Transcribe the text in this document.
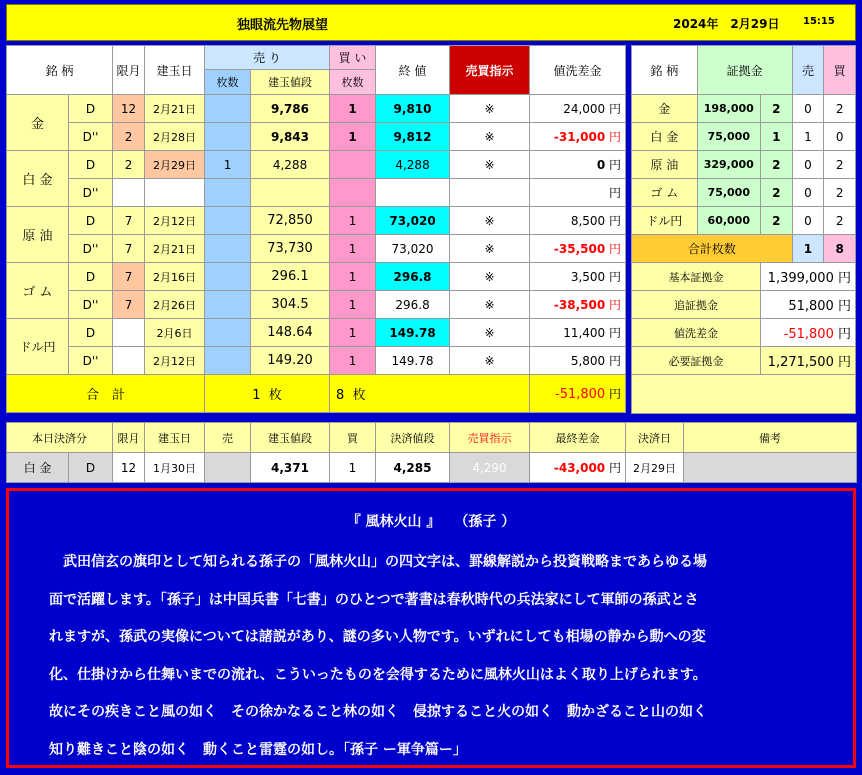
独眼流先物展望	2024年　2月29日 15:15
銘 柄		限月	建玉日	売 り		買 い	終 値	売買指示	値洗差金
				枚数	建玉値段	枚数			
金	D	12	2月21日		9,786	1	9,810	※	24,000 円
	D''	2	2月28日		9,843	1	9,812	※	-31,000 円
白 金	D	2	2月29日	1	4,288		4,288	※	0 円
	D''								円
原 油	D	7	2月12日		72,850	1	73,020	※	8,500 円
	D''	7	2月21日		73,730	1	73,020	※	-35,500 円
ゴ ム	D	7	2月16日		296.1	1	296.8	※	3,500 円
	D''	7	2月26日		304.5	1	296.8	※	-38,500 円
ドル円	D		2月6日		148.64	1	149.78	※	11,400 円
	D''		2月12日		149.20	1	149.78	※	5,800 円
合　計				1 枚		8 枚			-51,800 円
銘 柄	証拠金		売	買
金	198,000	2	0	2
白 金	75,000	1	1	0
原 油	329,000	2	0	2
ゴ ム	75,000	2	0	2
ドル円	60,000	2	0	2
合計枚数			1	8
基本証拠金		1,399,000 円		
追証拠金		51,800 円		
値洗差金		-51,800 円		
必要証拠金		1,271,500 円		

本日決済分		限月	建玉日	売	建玉値段	買	決済値段	売買指示	最終差金	決済日	備考
白 金	D	12	1月30日		4,371	1	4,285	4,290	-43,000 円	2月29日	
『 風林火山 』　　（孫子 ）

　武田信玄の旗印として知られる孫子の「風林火山」の四文字は、罫線解説から投資戦略まであらゆる場

面で活躍します。「孫子」は中国兵書「七書」のひとつで著書は春秋時代の兵法家にして軍師の孫武とさ

れますが、孫武の実像については諸説があり、謎の多い人物です。いずれにしても相場の静から動への変

化、仕掛けから仕舞いまでの流れ、こういったものを会得するために風林火山はよく取り上げられます。

故にその疾きこと風の如く　その徐かなること林の如く　侵掠すること火の如く　動かざること山の如く

知り難きこと陰の如く　動くこと雷霆の如し。「孫子 ー軍争篇ー」
